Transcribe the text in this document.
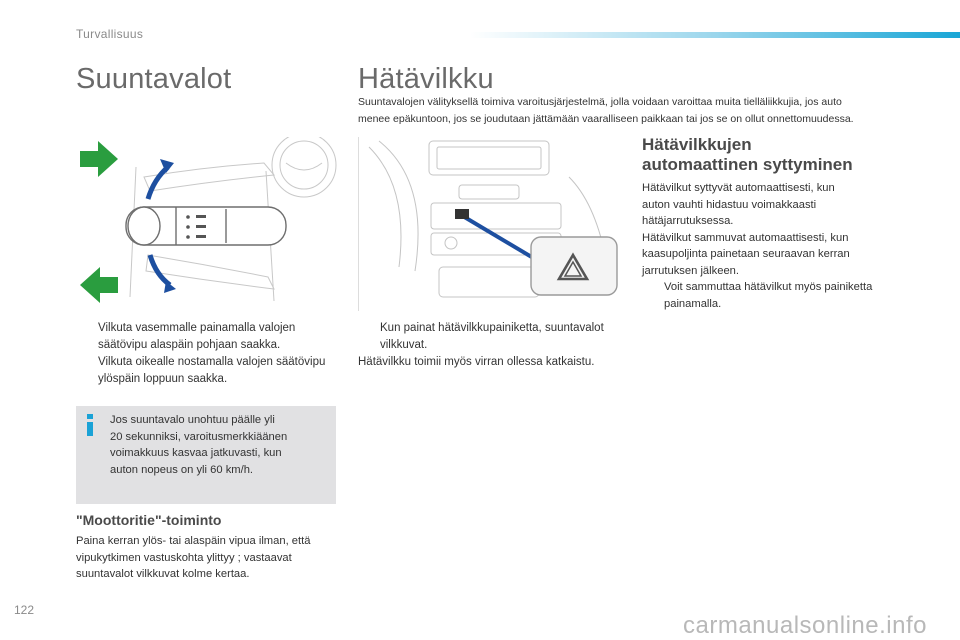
Turvallisuus
Suuntavalot	Hätävilkku
Suuntavalojen välityksellä toimiva varoitusjärjestelmä, jolla voidaan varoittaa muita tielläliikkujia, jos auto
menee epäkuntoon, jos se joudutaan jättämään vaaralliseen paikkaan tai jos se on ollut onnettomuudessa.
Vilkuta vasemmalle painamalla valojen säätövipu alaspäin pohjaan saakka.
Vilkuta oikealle nostamalla valojen säätövipu ylöspäin loppuun saakka.
Kun painat hätävilkkupainiketta, suuntavalot vilkkuvat.
Hätävilkku toimii myös virran ollessa katkaistu.
Jos suuntavalo unohtuu päälle yli
20 sekunniksi, varoitusmerkkiäänen
voimakkuus kasvaa jatkuvasti, kun
auton nopeus on yli 60 km/h.
"Moottoritie"-toiminto
Paina kerran ylös- tai alaspäin vipua ilman, että
vipukytkimen vastuskohta ylittyy ; vastaavat
suuntavalot vilkkuvat kolme kertaa.
Hätävilkkujen
automaattinen syttyminen
Hätävilkut syttyvät automaattisesti, kun
auton vauhti hidastuu voimakkaasti
hätäjarrutuksessa.
Hätävilkut sammuvat automaattisesti, kun
kaasupoljinta painetaan seuraavan kerran
jarrutuksen jälkeen.
Voit sammuttaa hätävilkut myös painiketta painamalla.
122
carmanualsonline.info
